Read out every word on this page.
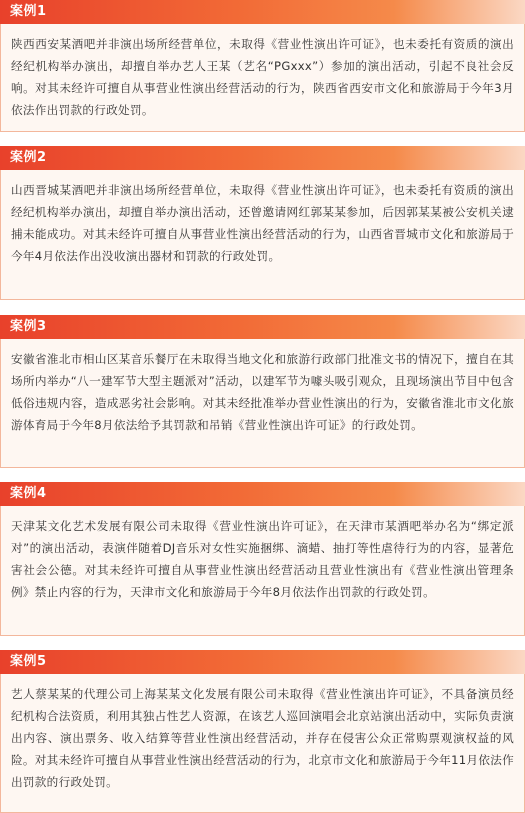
案例1

陕西西安某酒吧并非演出场所经营单位，未取得《营业性演出许可证》，也未委托有资质的演出经纪机构举办演出，却擅自举办艺人王某（艺名“PGxxx”）参加的演出活动，引起不良社会反响。对其未经许可擅自从事营业性演出经营活动的行为，陕西省西安市文化和旅游局于今年3月依法作出罚款的行政处罚。

案例2

山西晋城某酒吧并非演出场所经营单位，未取得《营业性演出许可证》，也未委托有资质的演出经纪机构举办演出，却擅自举办演出活动，还曾邀请网红郭某某参加，后因郭某某被公安机关逮捕未能成功。对其未经许可擅自从事营业性演出经营活动的行为，山西省晋城市文化和旅游局于今年4月依法作出没收演出器材和罚款的行政处罚。

案例3

安徽省淮北市相山区某音乐餐厅在未取得当地文化和旅游行政部门批准文书的情况下，擅自在其场所内举办“八一建军节大型主题派对”活动，以建军节为噱头吸引观众，且现场演出节目中包含低俗违规内容，造成恶劣社会影响。对其未经批准举办营业性演出的行为，安徽省淮北市文化旅游体育局于今年8月依法给予其罚款和吊销《营业性演出许可证》的行政处罚。

案例4

天津某文化艺术发展有限公司未取得《营业性演出许可证》，在天津市某酒吧举办名为“绑定派对”的演出活动，表演伴随着DJ音乐对女性实施捆绑、滴蜡、抽打等性虐待行为的内容，显著危害社会公德。对其未经许可擅自从事营业性演出经营活动且营业性演出有《营业性演出管理条例》禁止内容的行为，天津市文化和旅游局于今年8月依法作出罚款的行政处罚。

案例5

艺人蔡某某的代理公司上海某某文化发展有限公司未取得《营业性演出许可证》，不具备演员经纪机构合法资质，利用其独占性艺人资源，在该艺人巡回演唱会北京站演出活动中，实际负责演出内容、演出票务、收入结算等营业性演出经营活动，并存在侵害公众正常购票观演权益的风险。对其未经许可擅自从事营业性演出经营活动的行为，北京市文化和旅游局于今年11月依法作出罚款的行政处罚。
